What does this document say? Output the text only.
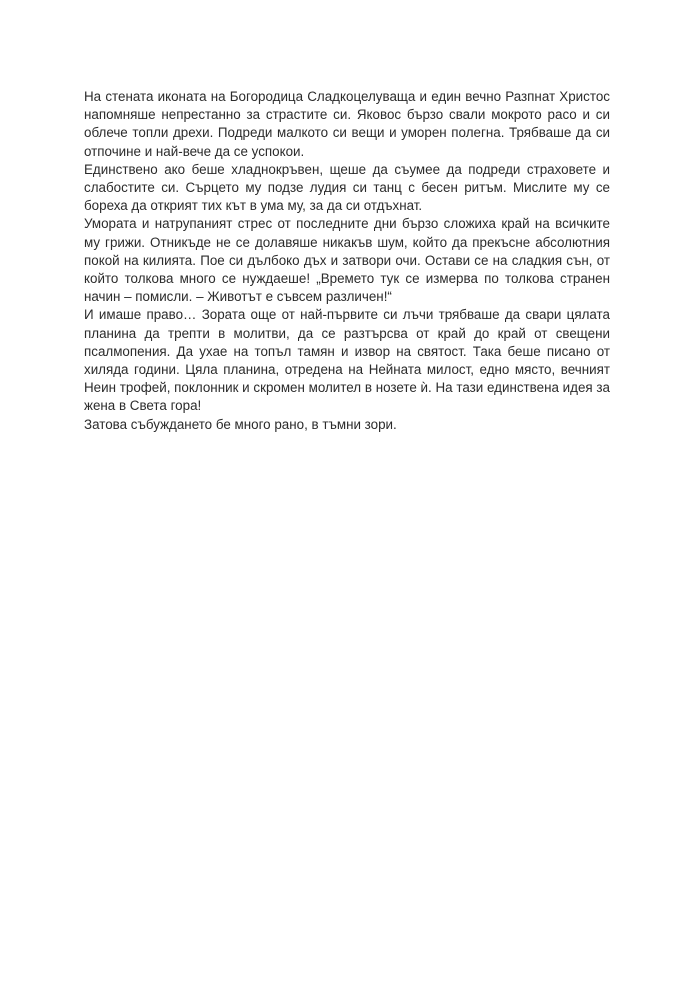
На стената иконата на Богородица Сладкоцелуваща и един вечно Разпнат Христос напомняше непрестанно за страстите си. Яковос бързо свали мокрото расо и си облече топли дрехи. Подреди малкото си вещи и уморен полегна. Трябваше да си отпочине и най-вече да се успокои.

Единствено ако беше хладнокръвен, щеше да съумее да подреди страховете и слабостите си. Сърцето му подзе лудия си танц с бесен ритъм. Мислите му се бореха да открият тих кът в ума му, за да си отдъхнат.

Умората и натрупаният стрес от последните дни бързо сложиха край на всичките му грижи. Отникъде не се долавяше никакъв шум, който да прекъсне абсолютния покой на килията. Пое си дълбоко дъх и затвори очи. Остави се на сладкия сън, от който толкова много се нуждаеше! „Времето тук се измерва по толкова странен начин – помисли. – Животът е съвсем различен!“

И имаше право… Зората още от най-първите си лъчи трябваше да свари цялата планина да трепти в молитви, да се разтърсва от край до край от свещени псалмопения. Да ухае на топъл тамян и извор на святост. Така беше писано от хиляда години. Цяла планина, отредена на Нейната милост, едно място, вечният Неин трофей, поклонник и скромен молител в нозете ѝ. На тази единствена идея за жена в Света гора!

Затова събуждането бе много рано, в тъмни зори.
